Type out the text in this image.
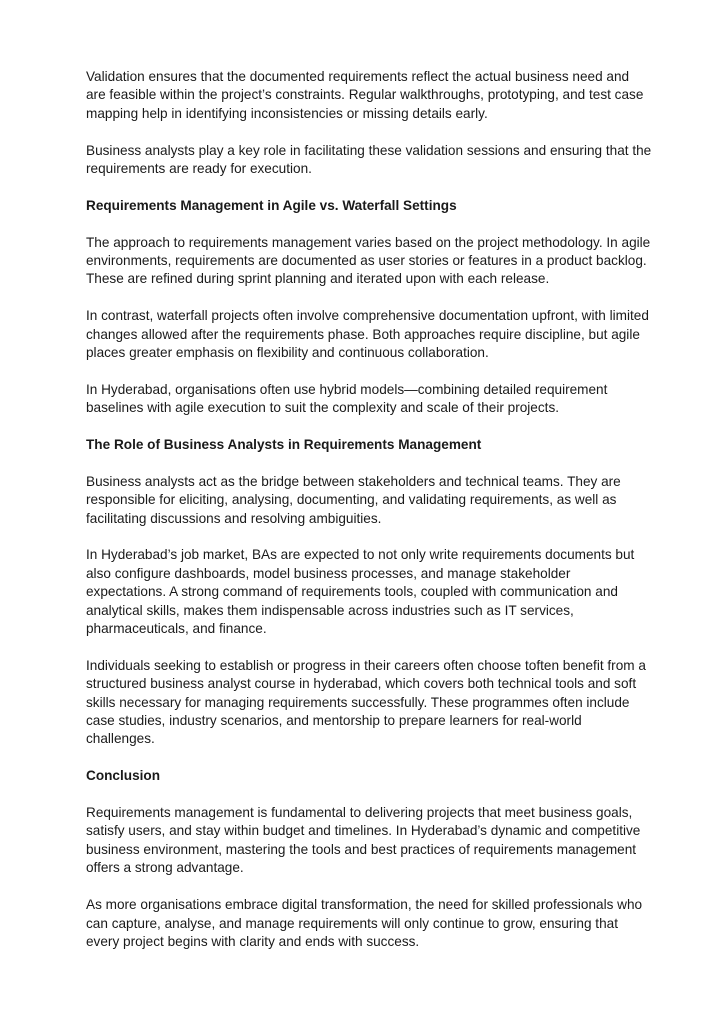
Validation ensures that the documented requirements reflect the actual business need and are feasible within the project’s constraints. Regular walkthroughs, prototyping, and test case mapping help in identifying inconsistencies or missing details early.

Business analysts play a key role in facilitating these validation sessions and ensuring that the requirements are ready for execution.

Requirements Management in Agile vs. Waterfall Settings

The approach to requirements management varies based on the project methodology. In agile environments, requirements are documented as user stories or features in a product backlog. These are refined during sprint planning and iterated upon with each release.

In contrast, waterfall projects often involve comprehensive documentation upfront, with limited changes allowed after the requirements phase. Both approaches require discipline, but agile places greater emphasis on flexibility and continuous collaboration.

In Hyderabad, organisations often use hybrid models—combining detailed requirement baselines with agile execution to suit the complexity and scale of their projects.

The Role of Business Analysts in Requirements Management

Business analysts act as the bridge between stakeholders and technical teams. They are responsible for eliciting, analysing, documenting, and validating requirements, as well as facilitating discussions and resolving ambiguities.

In Hyderabad’s job market, BAs are expected to not only write requirements documents but also configure dashboards, model business processes, and manage stakeholder expectations. A strong command of requirements tools, coupled with communication and analytical skills, makes them indispensable across industries such as IT services, pharmaceuticals, and finance.

Individuals seeking to establish or progress in their careers often choose toften benefit from a structured business analyst course in hyderabad, which covers both technical tools and soft skills necessary for managing requirements successfully. These programmes often include case studies, industry scenarios, and mentorship to prepare learners for real-world challenges.

Conclusion

Requirements management is fundamental to delivering projects that meet business goals, satisfy users, and stay within budget and timelines. In Hyderabad’s dynamic and competitive business environment, mastering the tools and best practices of requirements management offers a strong advantage.

As more organisations embrace digital transformation, the need for skilled professionals who can capture, analyse, and manage requirements will only continue to grow, ensuring that every project begins with clarity and ends with success.
